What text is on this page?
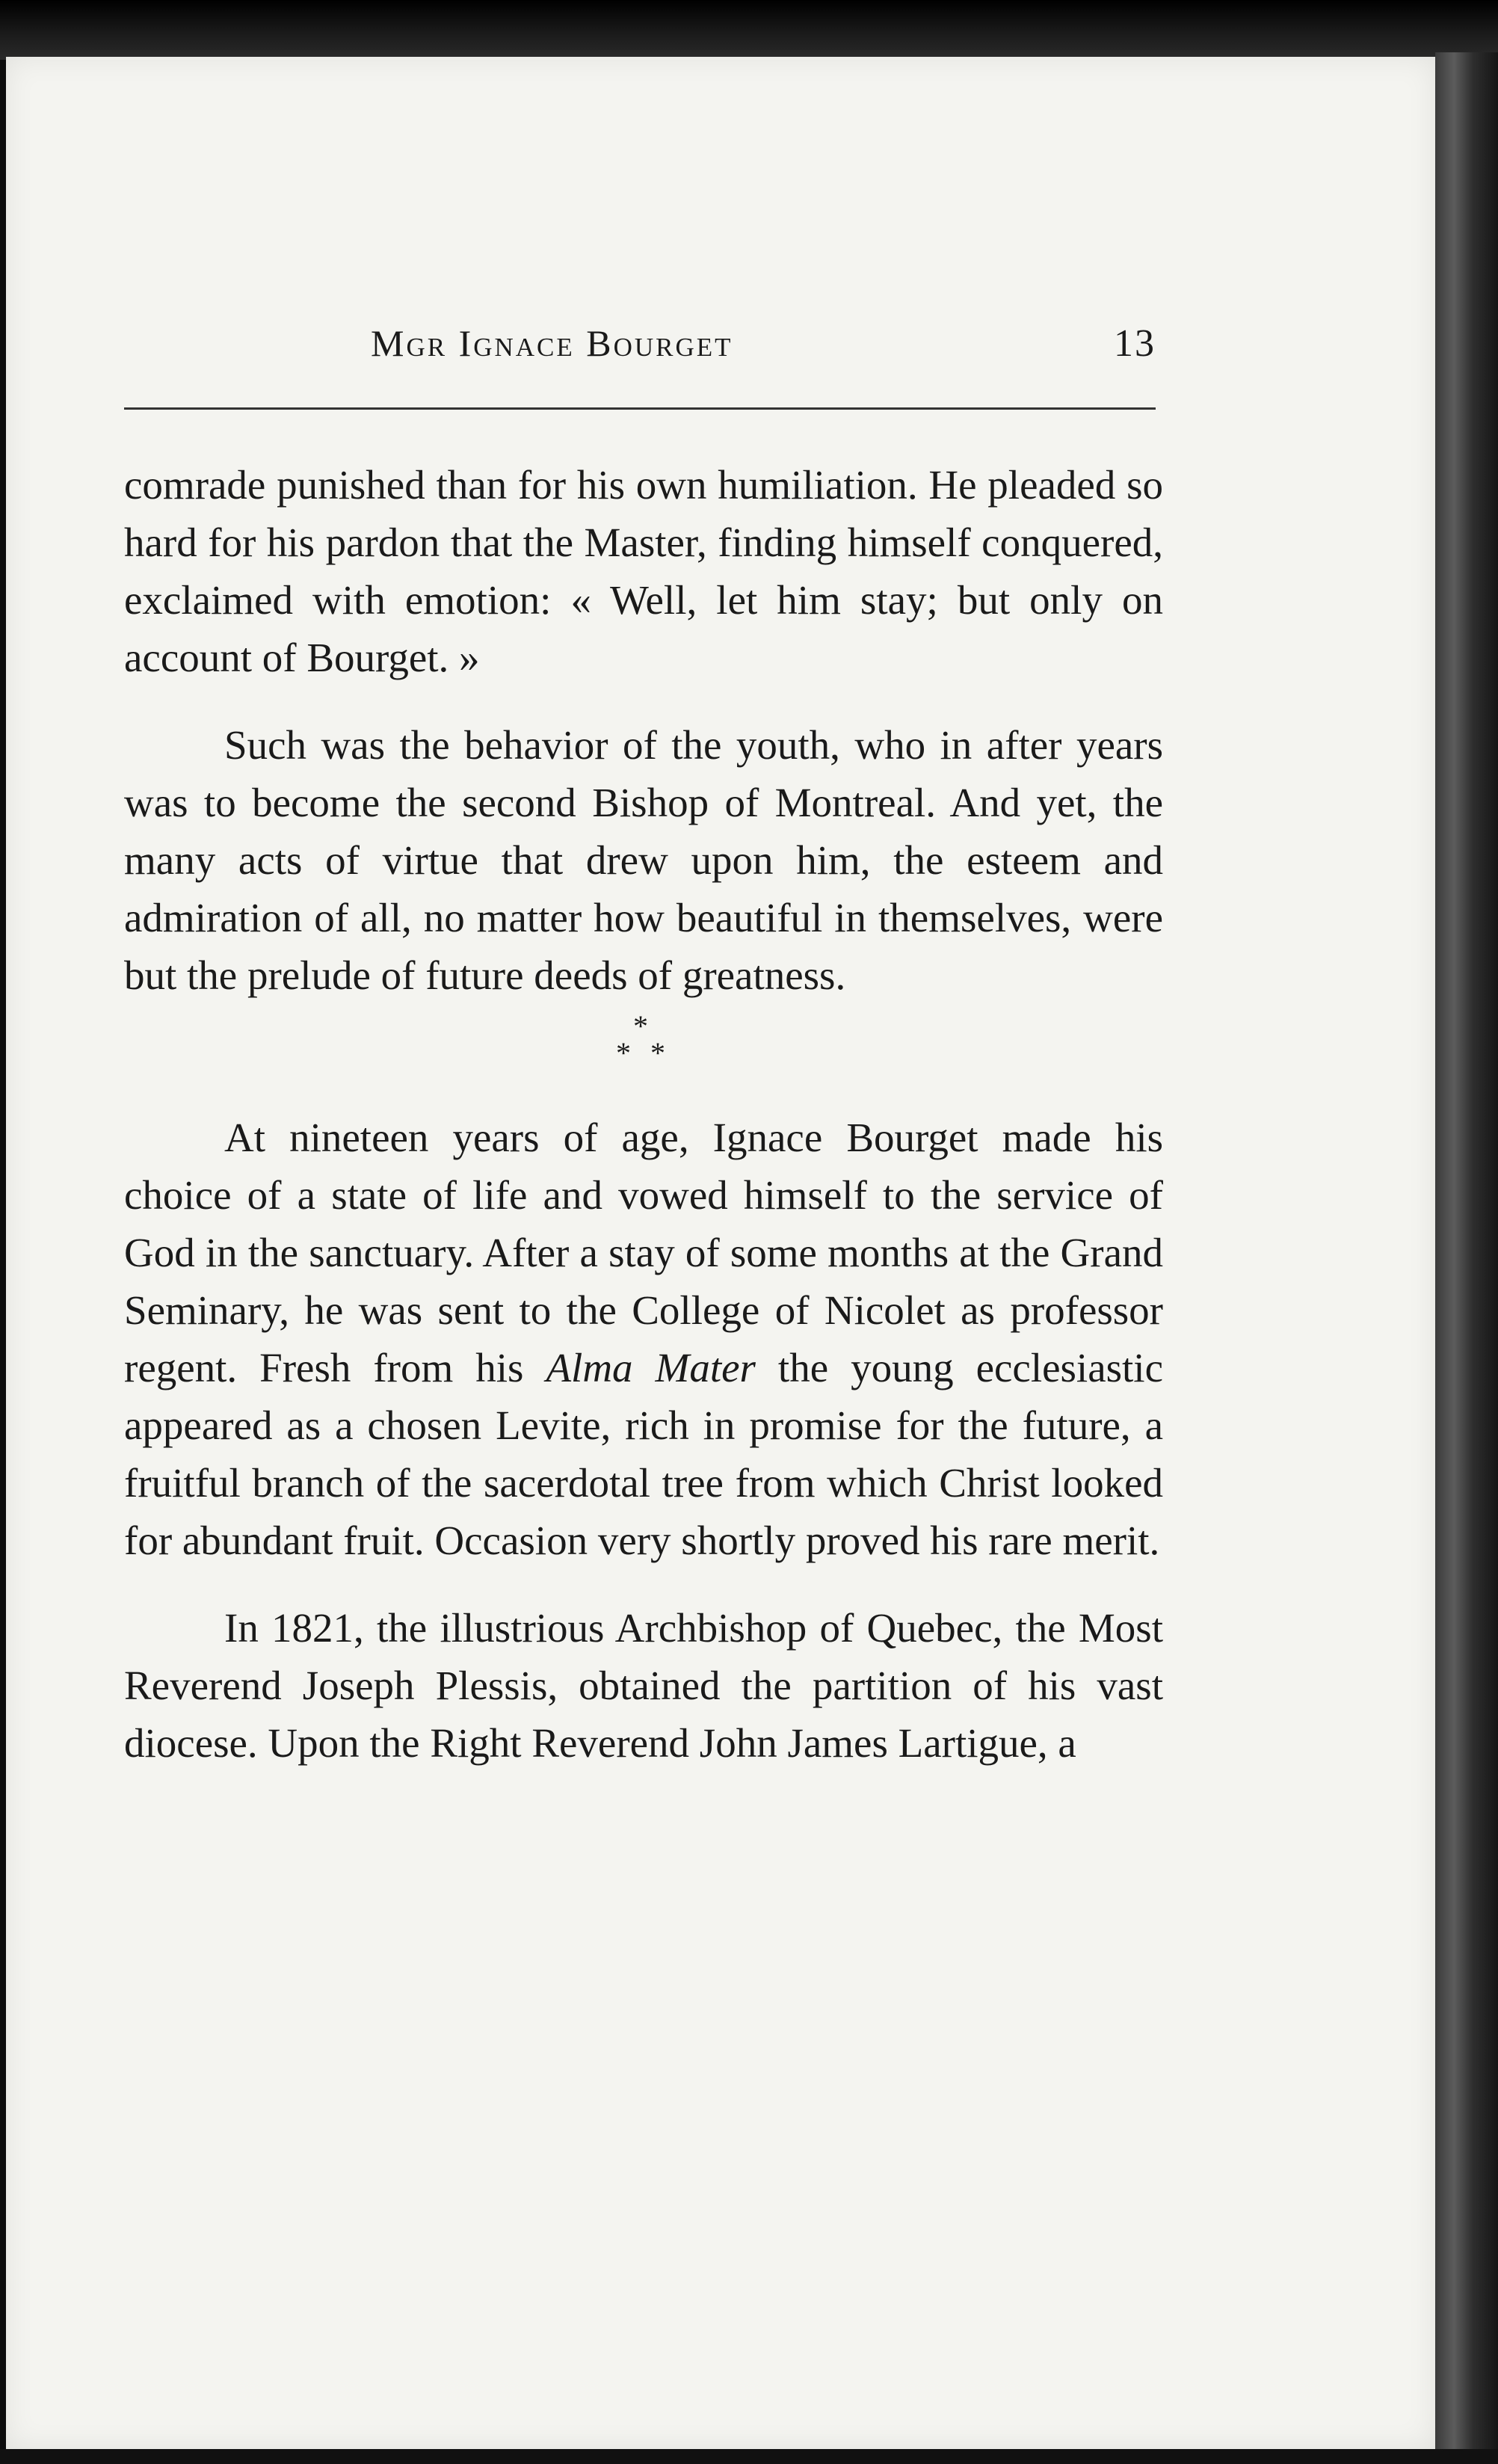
Mgr Ignace Bourget	13

comrade punished than for his own humiliation. He pleaded so hard for his pardon that the Master, finding himself conquered, exclaimed with emotion: « Well, let him stay; but only on account of Bourget. »

Such was the behavior of the youth, who in after years was to become the second Bishop of Montreal. And yet, the many acts of virtue that drew upon him, the esteem and admiration of all, no matter how beautiful in themselves, were but the prelude of future deeds of greatness.

*
* *

At nineteen years of age, Ignace Bourget made his choice of a state of life and vowed himself to the service of God in the sanctuary. After a stay of some months at the Grand Seminary, he was sent to the College of Nicolet as professor regent. Fresh from his Alma Mater the young ecclesiastic appeared as a chosen Levite, rich in promise for the future, a fruitful branch of the sacerdotal tree from which Christ looked for abundant fruit. Occasion very shortly proved his rare merit.

In 1821, the illustrious Archbishop of Quebec, the Most Reverend Joseph Plessis, obtained the partition of his vast diocese. Upon the Right Reverend John James Lartigue, a
